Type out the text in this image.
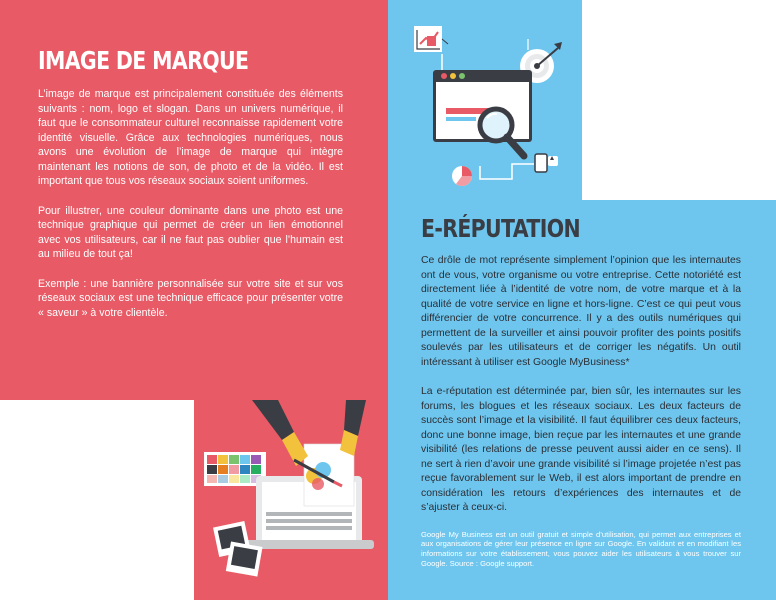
IMAGE DE MARQUE

L’image de marque est principalement constituée des éléments suivants : nom, logo et slogan. Dans un univers numérique, il faut que le consommateur culturel reconnaisse rapidement votre identité visuelle. Grâce aux technologies numériques, nous avons une évolution de l’image de marque qui intègre maintenant les notions de son, de photo et de la vidéo. Il est important que tous vos réseaux sociaux soient uniformes.

Pour illustrer, une couleur dominante dans une photo est une technique graphique qui permet de créer un lien émotionnel avec vos utilisateurs, car il ne faut pas oublier que l’humain est au milieu de tout ça!

Exemple : une bannière personnalisée sur votre site et sur vos réseaux sociaux est une technique efficace pour présenter votre « saveur » à votre clientèle.

E-RÉPUTATION

Ce drôle de mot représente simplement l’opinion que les internautes ont de vous, votre organisme ou votre entreprise. Cette notoriété est directement liée à l’identité de votre nom, de votre marque et à la qualité de votre service en ligne et hors-ligne. C’est ce qui peut vous différencier de votre concurrence. Il y a des outils numériques qui permettent de la surveiller et ainsi pouvoir profiter des points positifs soulevés par les utilisateurs et de corriger les négatifs. Un outil intéressant à utiliser est Google MyBusiness*

La e-réputation est déterminée par, bien sûr, les internautes sur les forums, les blogues et les réseaux sociaux. Les deux facteurs de succès sont l’image et la visibilité. Il faut équilibrer ces deux facteurs, donc une bonne image, bien reçue par les internautes et une grande visibilité (les relations de presse peuvent aussi aider en ce sens). Il ne sert à rien d’avoir une grande visibilité si l’image projetée n’est pas reçue favorablement sur le Web, il est alors important de prendre en considération les retours d’expériences des internautes et de s’ajuster à ceux-ci.

Google My Business est un outil gratuit et simple d’utilisation, qui permet aux entreprises et aux organisations de gérer leur présence en ligne sur Google. En validant et en modifiant les informations sur votre établissement, vous pouvez aider les utilisateurs à vous trouver sur Google. Source : Google support.
